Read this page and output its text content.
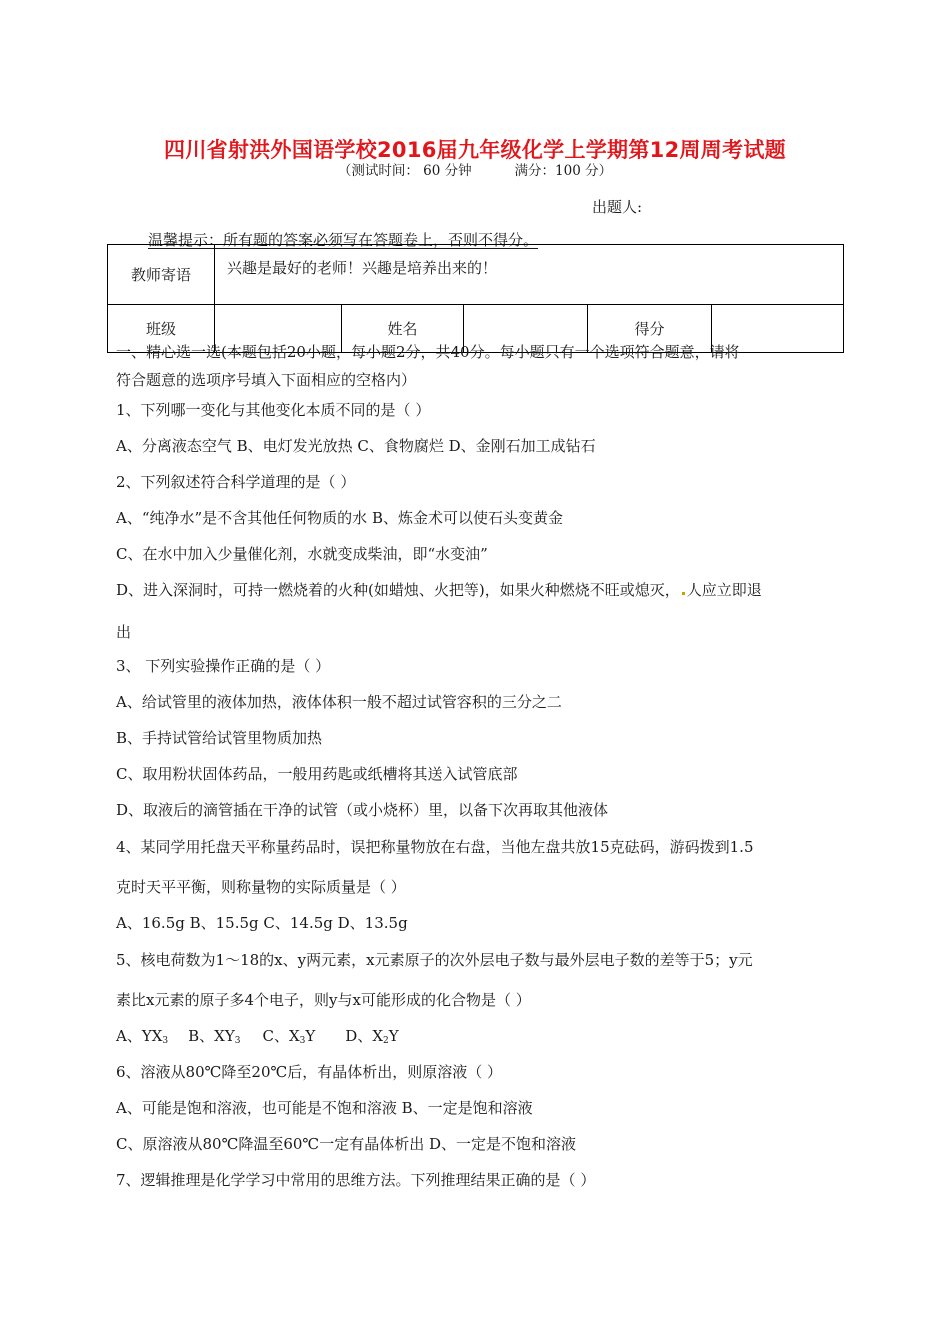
四川省射洪外国语学校2016届九年级化学上学期第12周周考试题
（测试时间： 60 分钟          满分：100 分）
出题人:
温馨提示：所有题的答案必须写在答题卷上，否则不得分。
教师寄语	兴趣是最好的老师！兴趣是培养出来的！				
班级		姓名		得分	
一、精心选一选(本题包括20小题，每小题2分，共40分。每小题只有一个选项符合题意，请将
符合题意的选项序号填入下面相应的空格内）
1、下列哪一变化与其他变化本质不同的是（ ）
A、分离液态空气 B、电灯发光放热 C、食物腐烂 D、金刚石加工成钻石
2、下列叙述符合科学道理的是（ ）
A、“纯净水”是不含其他任何物质的水 B、炼金术可以使石头变黄金
C、在水中加入少量催化剂，水就变成柴油，即“水变油”
D、进入深洞时，可持一燃烧着的火种(如蜡烛、火把等)，如果火种燃烧不旺或熄灭， 人应立即退
出
3、 下列实验操作正确的是（ ）
A、给试管里的液体加热，液体体积一般不超过试管容积的三分之二
B、手持试管给试管里物质加热
C、取用粉状固体药品，一般用药匙或纸槽将其送入试管底部
D、取液后的滴管插在干净的试管（或小烧杯）里，以备下次再取其他液体
4、某同学用托盘天平称量药品时，误把称量物放在右盘，当他左盘共放15克砝码，游码拨到1.5
克时天平平衡，则称量物的实际质量是（ ）
A、16.5g B、15.5g C、14.5g D、13.5g
5、核电荷数为1～18的x、y两元素，x元素原子的次外层电子数与最外层电子数的差等于5；y元
素比x元素的原子多4个电子，则y与x可能形成的化合物是（ ）
A、$YX_3$ B、$XY_3$ C、$X_3Y$ D、$X_2Y$
6、溶液从80℃降至20℃后，有晶体析出，则原溶液（ ）
A、可能是饱和溶液，也可能是不饱和溶液 B、一定是饱和溶液
C、原溶液从80℃降温至60℃一定有晶体析出 D、一定是不饱和溶液
7、逻辑推理是化学学习中常用的思维方法。下列推理结果正确的是（ ）
